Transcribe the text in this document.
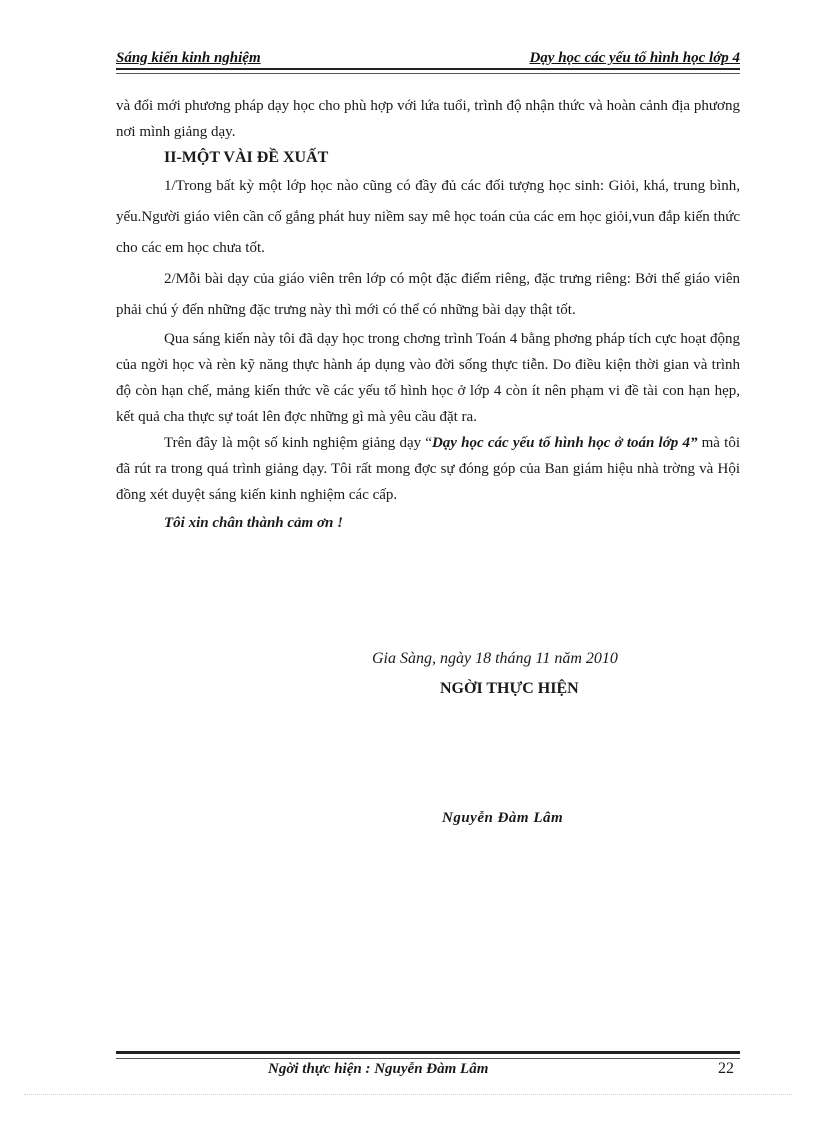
Sáng kiến kinh nghiệm	Dạy học các yếu tố hình học lớp 4

và đổi mới phương pháp dạy học cho phù hợp với lứa tuổi, trình độ nhận thức và hoàn cảnh địa phương nơi mình giảng dạy.

II-MỘT VÀI ĐỀ XUẤT

1/Trong bất kỳ một lớp học nào cũng có đầy đủ các đối tượng học sinh: Giỏi, khá, trung bình, yếu.Người giáo viên cần cố gắng phát huy niềm say mê học toán của các em học giỏi,vun đắp kiến thức cho các em học chưa tốt.

2/Mỗi bài dạy của giáo viên trên lớp có một đặc điểm riêng, đặc trưng riêng: Bởi thế giáo viên phải chú ý đến những đặc trưng này thì mới có thể có những bài dạy thật tốt.

Qua sáng kiến này tôi đã dạy học trong chơng trình Toán 4 bằng phơng pháp tích cực hoạt động của ngời học và rèn kỹ năng thực hành áp dụng vào đời sống thực tiễn. Do điều kiện thời gian và trình độ còn hạn chế, mảng kiến thức về các yếu tố hình học ở lớp 4 còn ít nên phạm vi đề tài con hạn hẹp, kết quả cha thực sự toát lên đợc những gì mà yêu cầu đặt ra.

Trên đây là một số kinh nghiệm giảng dạy “Dạy học các yếu tố hình học ở toán lớp 4” mà tôi đã rút ra trong quá trình giảng dạy. Tôi rất mong đợc sự đóng góp của Ban giám hiệu nhà trờng và Hội đồng xét duyệt sáng kiến kinh nghiệm các cấp.

Tôi xin chân thành cảm ơn !

Gia Sàng, ngày 18 tháng 11 năm 2010
NGỜI THỰC HIỆN
Nguyễn Đàm Lâm
Ngời thực hiện : Nguyễn Đàm Lâm	22
